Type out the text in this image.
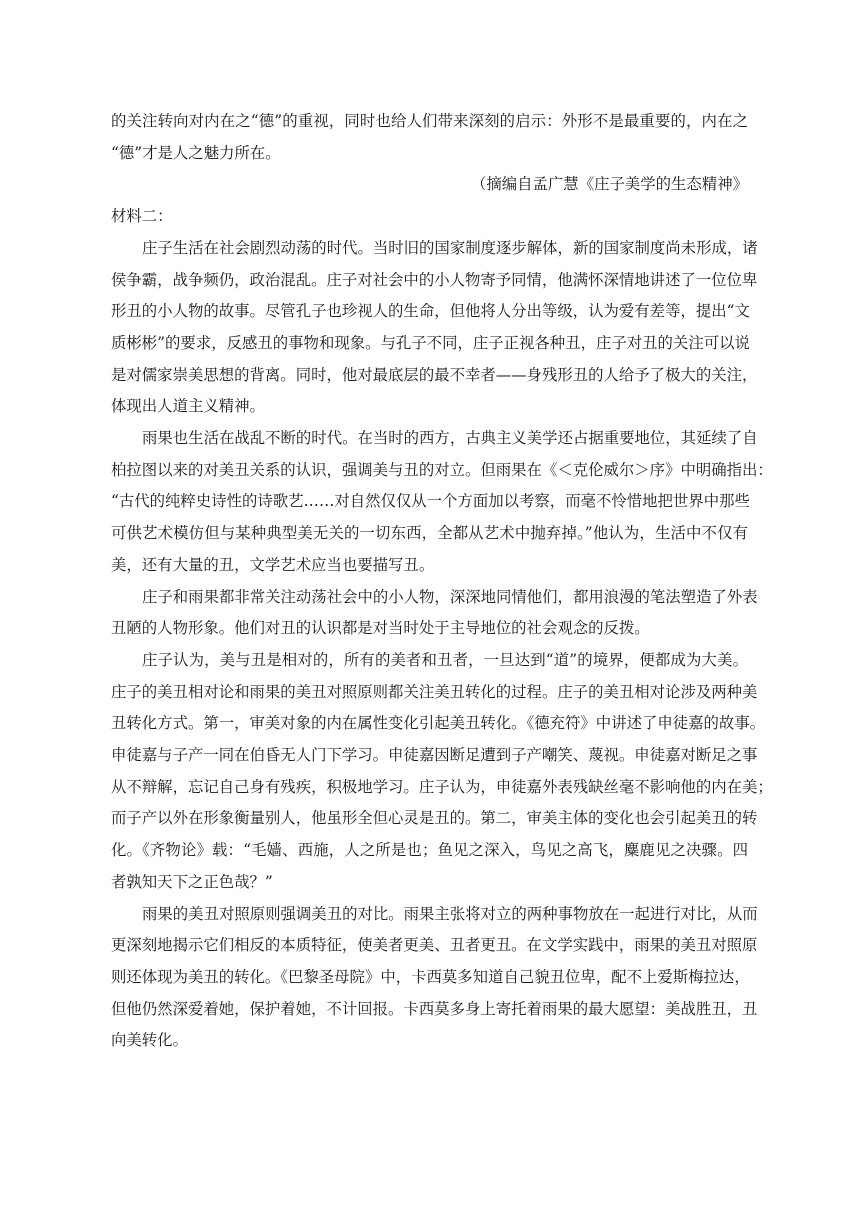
的关注转向对内在之“德”的重视，同时也给人们带来深刻的启示：外形不是最重要的，内在之

“德”才是人之魅力所在。

（摘编自孟广慧《庄子美学的生态精神》

材料二：

庄子生活在社会剧烈动荡的时代。当时旧的国家制度逐步解体，新的国家制度尚未形成，诸

侯争霸，战争频仍，政治混乱。庄子对社会中的小人物寄予同情，他满怀深情地讲述了一位位卑

形丑的小人物的故事。尽管孔子也珍视人的生命，但他将人分出等级，认为爱有差等，提出“文

质彬彬”的要求，反感丑的事物和现象。与孔子不同，庄子正视各种丑，庄子对丑的关注可以说

是对儒家崇美思想的背离。同时，他对最底层的最不幸者——身残形丑的人给予了极大的关注，

体现出人道主义精神。

雨果也生活在战乱不断的时代。在当时的西方，古典主义美学还占据重要地位，其延续了自

柏拉图以来的对美丑关系的认识，强调美与丑的对立。但雨果在《＜克伦威尔＞序》中明确指出：

“古代的纯粹史诗性的诗歌艺……对自然仅仅从一个方面加以考察，而毫不怜惜地把世界中那些

可供艺术模仿但与某种典型美无关的一切东西，全都从艺术中抛弃掉。”他认为，生活中不仅有

美，还有大量的丑，文学艺术应当也要描写丑。

庄子和雨果都非常关注动荡社会中的小人物，深深地同情他们，都用浪漫的笔法塑造了外表

丑陋的人物形象。他们对丑的认识都是对当时处于主导地位的社会观念的反拨。

庄子认为，美与丑是相对的，所有的美者和丑者，一旦达到“道”的境界，便都成为大美。

庄子的美丑相对论和雨果的美丑对照原则都关注美丑转化的过程。庄子的美丑相对论涉及两种美

丑转化方式。第一，审美对象的内在属性变化引起美丑转化。《德充符》中讲述了申徒嘉的故事。

申徒嘉与子产一同在伯昏无人门下学习。申徒嘉因断足遭到子产嘲笑、蔑视。申徒嘉对断足之事

从不辩解，忘记自己身有残疾，积极地学习。庄子认为，申徒嘉外表残缺丝毫不影响他的内在美；

而子产以外在形象衡量别人，他虽形全但心灵是丑的。第二，审美主体的变化也会引起美丑的转

化。《齐物论》载：“毛嫱、西施，人之所是也；鱼见之深入，鸟见之高飞，麋鹿见之决骤。四

者孰知天下之正色哉？”

雨果的美丑对照原则强调美丑的对比。雨果主张将对立的两种事物放在一起进行对比，从而

更深刻地揭示它们相反的本质特征，使美者更美、丑者更丑。在文学实践中，雨果的美丑对照原

则还体现为美丑的转化。《巴黎圣母院》中，卡西莫多知道自己貌丑位卑，配不上爱斯梅拉达，

但他仍然深爱着她，保护着她，不计回报。卡西莫多身上寄托着雨果的最大愿望：美战胜丑，丑

向美转化。
